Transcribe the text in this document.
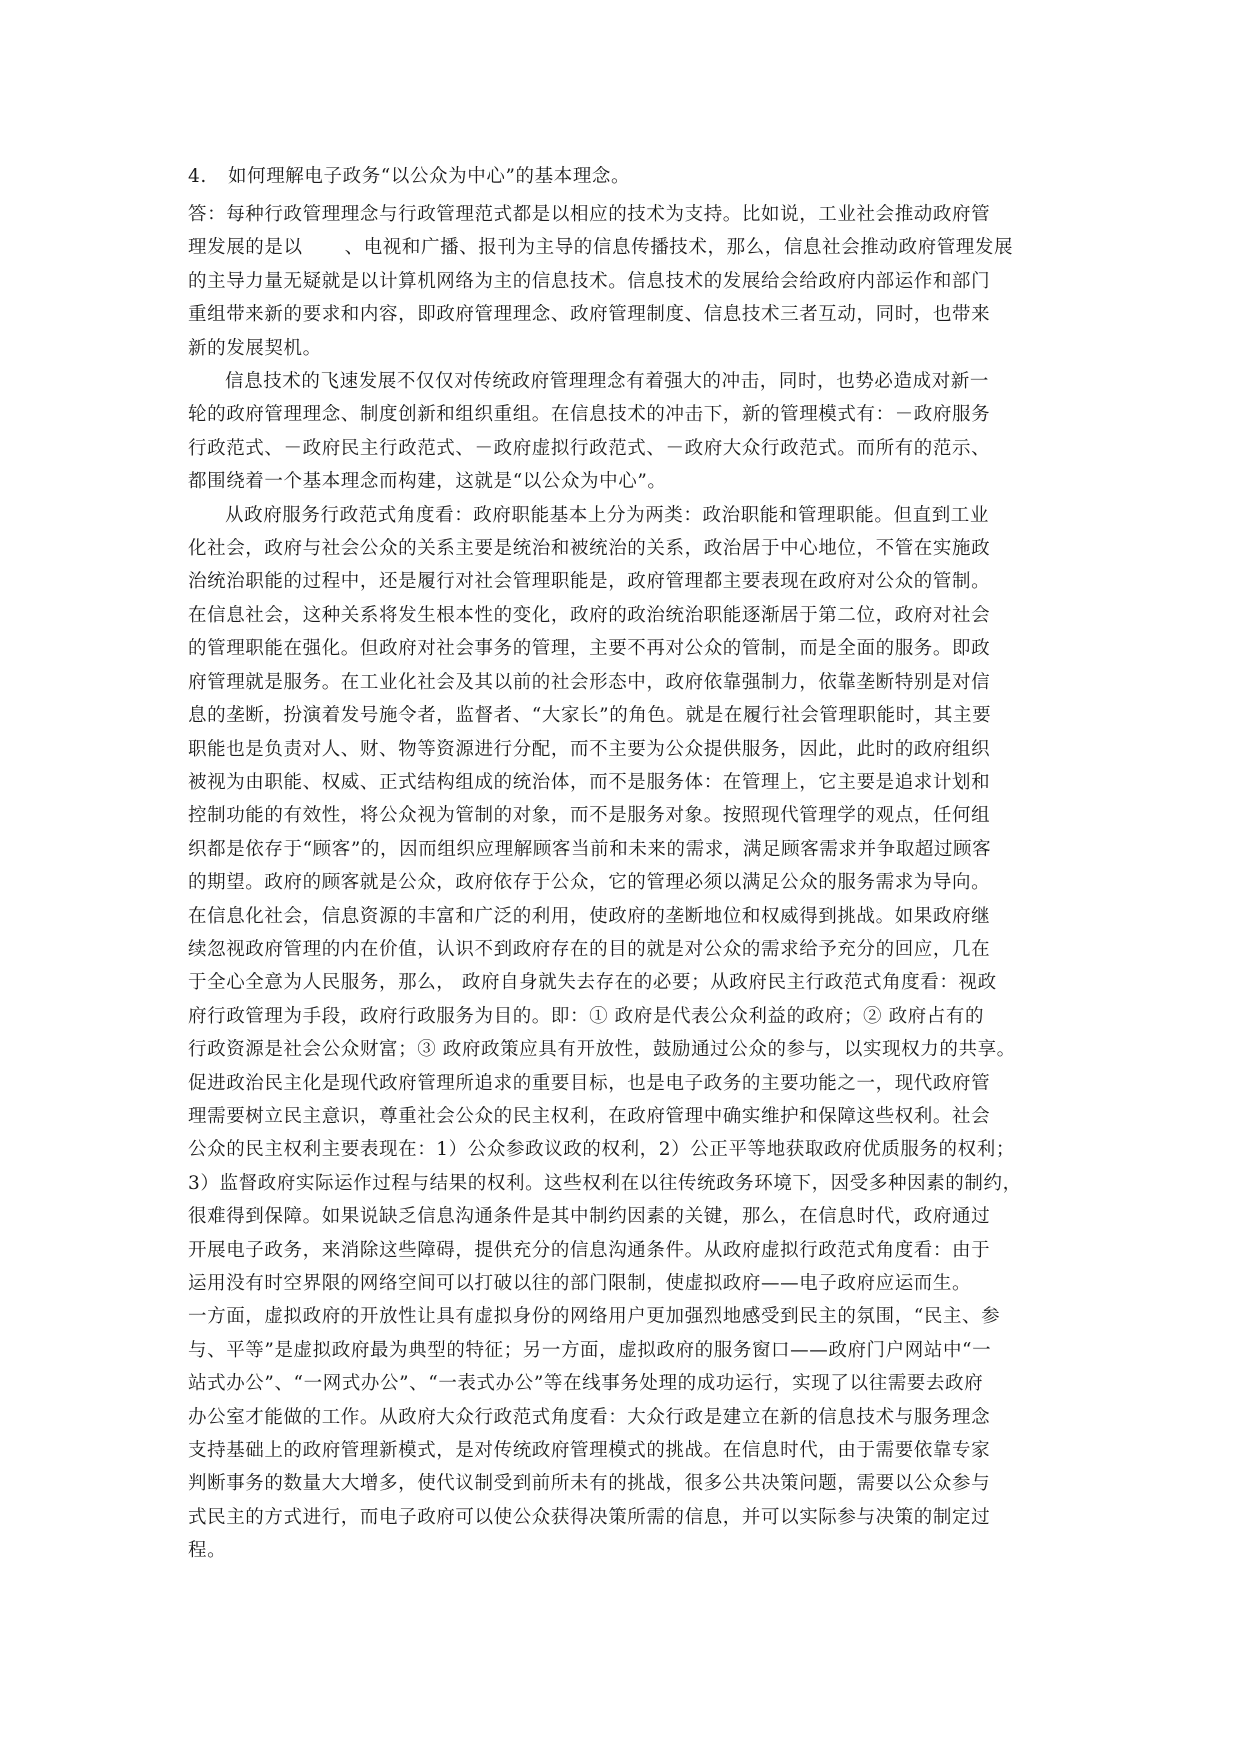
4. 如何理解电子政务“以公众为中心”的基本理念。

答：每种行政管理理念与行政管理范式都是以相应的技术为支持。比如说，工业社会推动政府管
理发展的是以 、电视和广播、报刊为主导的信息传播技术，那么，信息社会推动政府管理发展
的主导力量无疑就是以计算机网络为主的信息技术。信息技术的发展给会给政府内部运作和部门
重组带来新的要求和内容，即政府管理理念、政府管理制度、信息技术三者互动，同时，也带来
新的发展契机。

信息技术的飞速发展不仅仅对传统政府管理理念有着强大的冲击，同时，也势必造成对新一
轮的政府管理理念、制度创新和组织重组。在信息技术的冲击下，新的管理模式有：－政府服务
行政范式、－政府民主行政范式、－政府虚拟行政范式、－政府大众行政范式。而所有的范示、
都围绕着一个基本理念而构建，这就是“以公众为中心”。

从政府服务行政范式角度看：政府职能基本上分为两类：政治职能和管理职能。但直到工业
化社会，政府与社会公众的关系主要是统治和被统治的关系，政治居于中心地位，不管在实施政
治统治职能的过程中，还是履行对社会管理职能是，政府管理都主要表现在政府对公众的管制。
在信息社会，这种关系将发生根本性的变化，政府的政治统治职能逐渐居于第二位，政府对社会
的管理职能在强化。但政府对社会事务的管理，主要不再对公众的管制，而是全面的服务。即政
府管理就是服务。在工业化社会及其以前的社会形态中，政府依靠强制力，依靠垄断特别是对信
息的垄断，扮演着发号施令者，监督者、“大家长”的角色。就是在履行社会管理职能时，其主要
职能也是负责对人、财、物等资源进行分配，而不主要为公众提供服务，因此，此时的政府组织
被视为由职能、权威、正式结构组成的统治体，而不是服务体：在管理上，它主要是追求计划和
控制功能的有效性，将公众视为管制的对象，而不是服务对象。按照现代管理学的观点，任何组
织都是依存于“顾客”的，因而组织应理解顾客当前和未来的需求，满足顾客需求并争取超过顾客
的期望。政府的顾客就是公众，政府依存于公众，它的管理必须以满足公众的服务需求为导向。
在信息化社会，信息资源的丰富和广泛的利用，使政府的垄断地位和权威得到挑战。如果政府继
续忽视政府管理的内在价值，认识不到政府存在的目的就是对公众的需求给予充分的回应，几在
于全心全意为人民服务，那么， 政府自身就失去存在的必要；从政府民主行政范式角度看：视政
府行政管理为手段，政府行政服务为目的。即：① 政府是代表公众利益的政府；② 政府占有的
行政资源是社会公众财富；③ 政府政策应具有开放性，鼓励通过公众的参与，以实现权力的共享。
促进政治民主化是现代政府管理所追求的重要目标，也是电子政务的主要功能之一，现代政府管
理需要树立民主意识，尊重社会公众的民主权利，在政府管理中确实维护和保障这些权利。社会
公众的民主权利主要表现在：1）公众参政议政的权利，2）公正平等地获取政府优质服务的权利；
3）监督政府实际运作过程与结果的权利。这些权利在以往传统政务环境下，因受多种因素的制约，
很难得到保障。如果说缺乏信息沟通条件是其中制约因素的关键，那么，在信息时代，政府通过
开展电子政务，来消除这些障碍，提供充分的信息沟通条件。从政府虚拟行政范式角度看：由于
运用没有时空界限的网络空间可以打破以往的部门限制，使虚拟政府——电子政府应运而生。
一方面，虚拟政府的开放性让具有虚拟身份的网络用户更加强烈地感受到民主的氛围，“民主、参
与、平等”是虚拟政府最为典型的特征；另一方面，虚拟政府的服务窗口——政府门户网站中“一
站式办公”、“一网式办公”、“一表式办公”等在线事务处理的成功运行，实现了以往需要去政府
办公室才能做的工作。从政府大众行政范式角度看：大众行政是建立在新的信息技术与服务理念
支持基础上的政府管理新模式，是对传统政府管理模式的挑战。在信息时代，由于需要依靠专家
判断事务的数量大大增多，使代议制受到前所未有的挑战，很多公共决策问题，需要以公众参与
式民主的方式进行，而电子政府可以使公众获得决策所需的信息，并可以实际参与决策的制定过
程。
